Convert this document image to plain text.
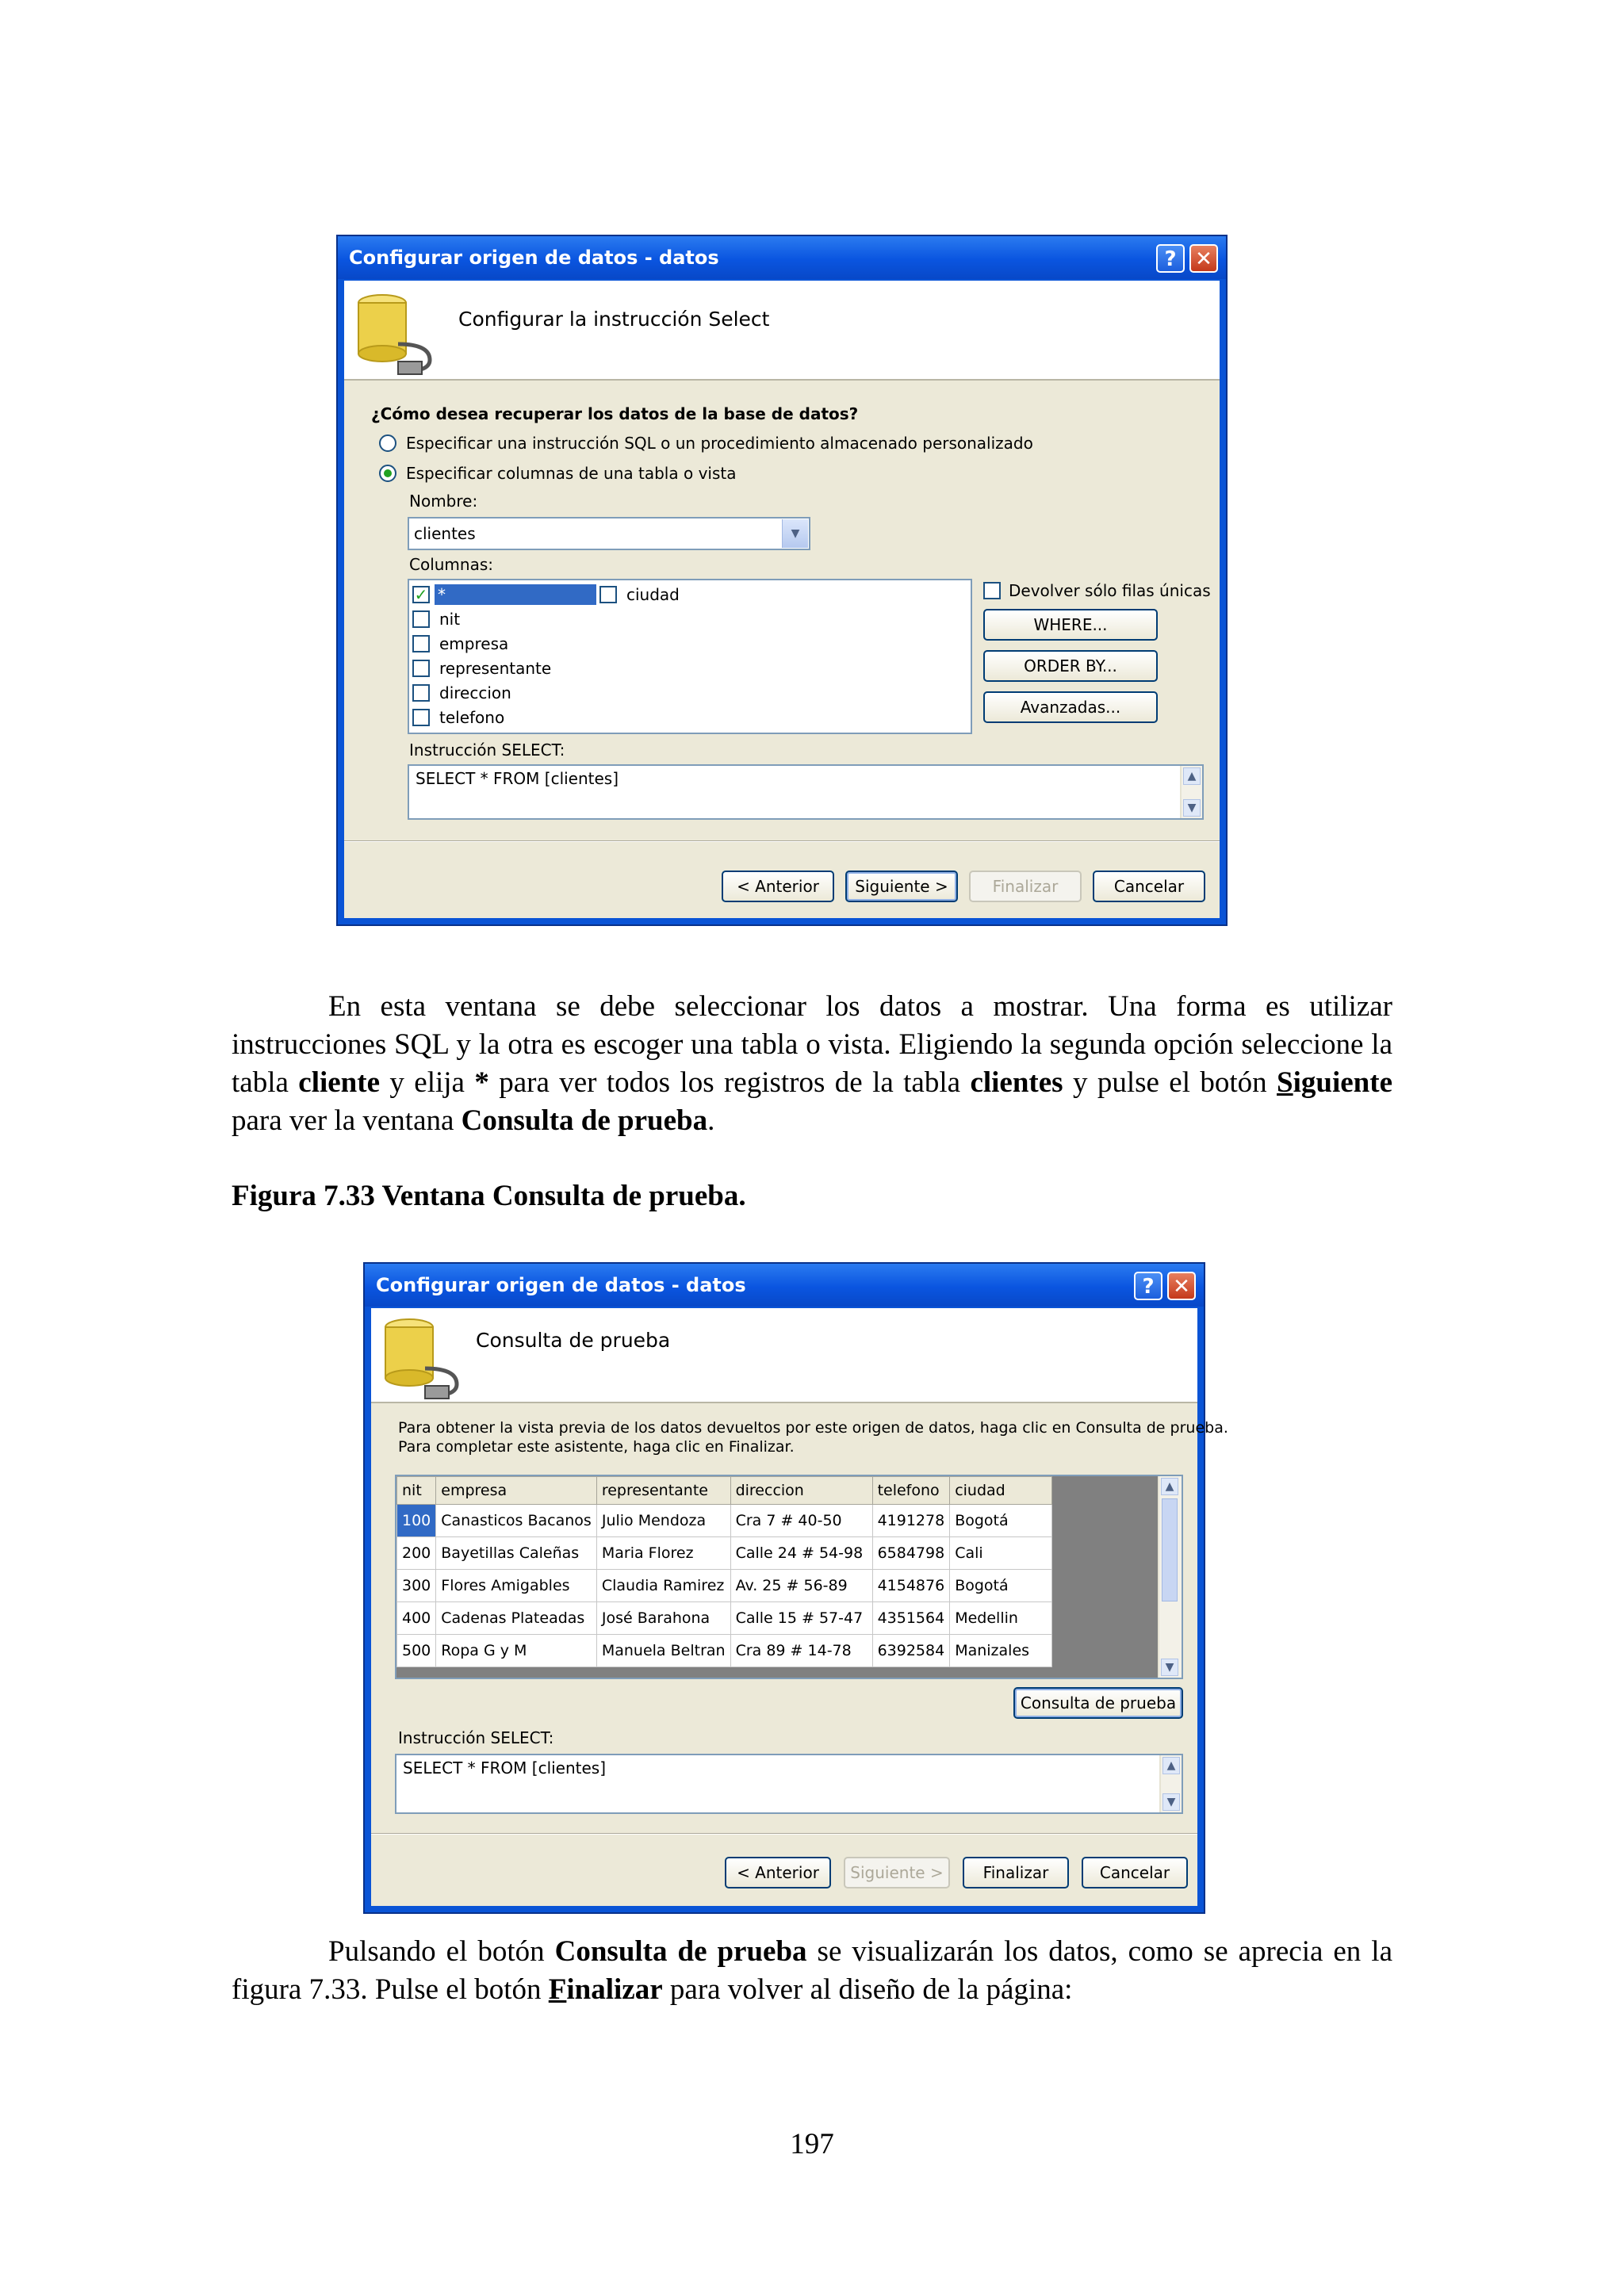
Configurar origen de datos - datos	? ✕
Configurar la instrucción Select
¿Cómo desea recuperar los datos de la base de datos?
Especificar una instrucción SQL o un procedimiento almacenado personalizado
Especificar columnas de una tabla o vista
Nombre:
clientes	▼
Columnas:
✓ *
nit
empresa
representante
direccion
telefono
ciudad	Devolver sólo filas únicas
WHERE...
ORDER BY...
Avanzadas...
Instrucción SELECT:
SELECT * FROM [clientes]	▲
▼
< Anterior	Siguiente >	Finalizar	Cancelar

En esta ventana se debe seleccionar los datos a mostrar. Una forma es utilizar instrucciones SQL y la otra es escoger una tabla o vista. Eligiendo la segunda opción seleccione la tabla cliente y elija * para ver todos los registros de la tabla clientes y pulse el botón Siguiente para ver la ventana Consulta de prueba.

Figura 7.33 Ventana Consulta de prueba.
Configurar origen de datos - datos	? ✕
Consulta de prueba
Para obtener la vista previa de los datos devueltos por este origen de datos, haga clic en Consulta de prueba.
Para completar este asistente, haga clic en Finalizar.
nit	empresa	representante	direccion	telefono	ciudad
100	Canasticos Bacanos	Julio Mendoza	Cra 7 # 40-50	4191278	Bogotá
200	Bayetillas Caleñas	Maria Florez	Calle 24 # 54-98	6584798	Cali
300	Flores Amigables	Claudia Ramirez	Av. 25 # 56-89	4154876	Bogotá
400	Cadenas Plateadas	José Barahona	Calle 15 # 57-47	4351564	Medellin
500	Ropa G y M	Manuela Beltran	Cra 89 # 14-78	6392584	Manizales
▲
▼
Consulta de prueba
Instrucción SELECT:
SELECT * FROM [clientes]	▲
▼
< Anterior	Siguiente >	Finalizar	Cancelar

Pulsando el botón Consulta de prueba se visualizarán los datos, como se aprecia en la figura 7.33. Pulse el botón Finalizar para volver al diseño de la página:

197
